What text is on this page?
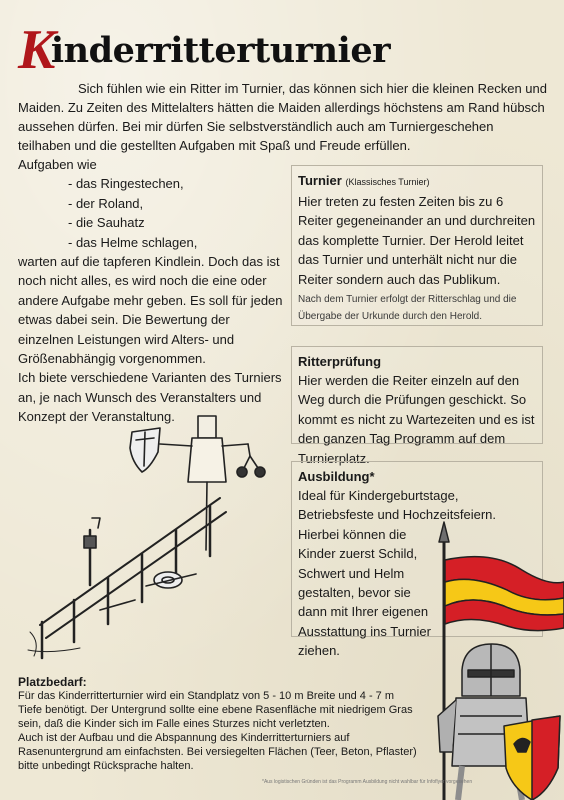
Kinderritterturnier

Sich fühlen wie ein Ritter im Turnier, das können sich hier die kleinen Recken und Maiden. Zu Zeiten des Mittelalters hätten die Maiden allerdings höchstens am Rand hübsch aussehen dürfen. Bei mir dürfen Sie selbstverständlich auch am Turniergeschehen teilhaben und die gestellten Aufgaben mit Spaß und Freude erfüllen.

Aufgaben wie

- das Ringestechen,
- der Roland,
- die Sauhatz
- das Helme schlagen,

warten auf die tapferen Kindlein. Doch das ist noch nicht alles, es wird noch die eine oder andere Aufgabe mehr geben. Es soll für jeden etwas dabei sein. Die Bewertung der einzelnen Leistungen wird Alters- und Größenabhängig vorgenommen.

Ich biete verschiedene Varianten des Turniers an, je nach Wunsch des Veranstalters und Konzept der Veranstaltung.

Turnier (Klassisches Turnier)

Hier treten zu festen Zeiten bis zu 6 Reiter gegeneinander an und durchreiten das komplette Turnier. Der Herold leitet das Turnier und unterhält nicht nur die Reiter sondern auch das Publikum.

Nach dem Turnier erfolgt der Ritterschlag und die Übergabe der Urkunde durch den Herold.

Ritterprüfung

Hier werden die Reiter einzeln auf den Weg durch die Prüfungen geschickt. So kommt es nicht zu Wartezeiten und es ist den ganzen Tag Programm auf dem Turnierplatz.

Ausbildung*

Ideal für Kindergeburtstage, Betriebsfeste und Hochzeitsfeiern. Hierbei können die

Kinder zuerst Schild, Schwert und Helm gestalten, bevor sie dann mit Ihrer eigenen Ausstattung ins Turnier ziehen.

Platzbedarf:

Für das Kinderritterturnier wird ein Standplatz von 5 - 10 m Breite und 4 - 7 m Tiefe benötigt. Der Untergrund sollte eine ebene Rasenfläche mit niedrigem Gras sein, daß die Kinder sich im Falle eines Sturzes nicht verletzten.

Auch ist der Aufbau und die Abspannung des Kinderritterturniers auf Rasenuntergrund am einfachsten. Bei versiegelten Flächen (Teer, Beton, Pflaster) bitte unbedingt Rücksprache halten.

*Aus logistischen Gründen ist das Programm Ausbildung nicht wahlbar für Infoflyer vorgesehen
